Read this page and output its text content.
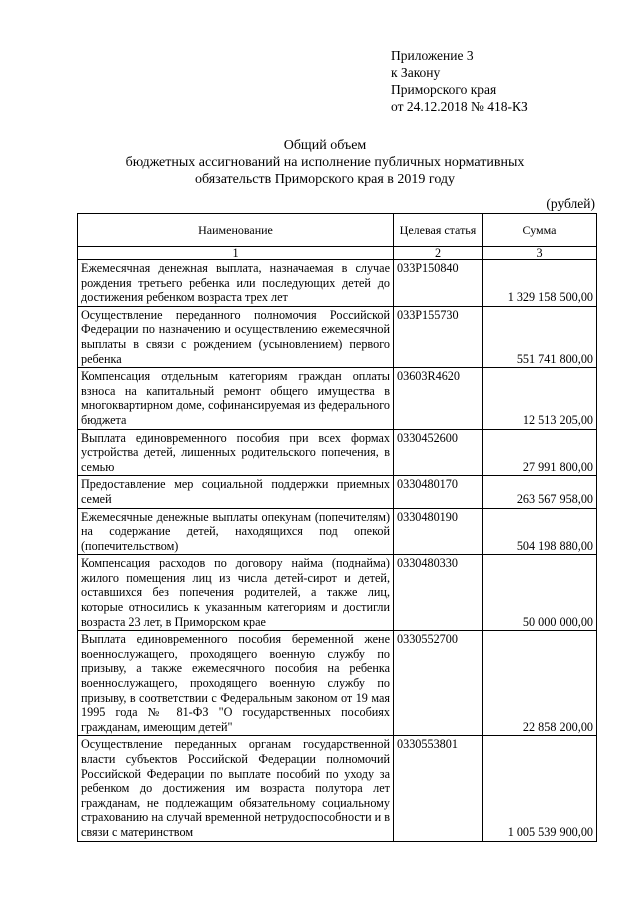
Приложение 3
к Закону
Приморского края
от 24.12.2018 № 418-КЗ
Общий объем
бюджетных ассигнований на исполнение публичных нормативных
обязательств Приморского края в 2019 году
(рублей)
Наименование	Целевая статья	Сумма
1	2	3
Ежемесячная денежная выплата, назначаемая в случае рождения третьего ребенка или последующих детей до достижения ребенком возраста трех лет	033P150840	1 329 158 500,00
Осуществление переданного полномочия Российской Федерации по назначению и осуществлению ежемесячной выплаты в связи с рождением (усыновлением) первого ребенка	033P155730	551 741 800,00
Компенсация отдельным категориям граждан оплаты взноса на капитальный ремонт общего имущества в многоквартирном доме, софинансируемая из федерального бюджета	03603R4620	12 513 205,00
Выплата единовременного пособия при всех формах устройства детей, лишенных родительского попечения, в семью	0330452600	27 991 800,00
Предоставление мер социальной поддержки приемных семей	0330480170	263 567 958,00
Ежемесячные денежные выплаты опекунам (попечителям) на содержание детей, находящихся под опекой (попечительством)	0330480190	504 198 880,00
Компенсация расходов по договору найма (поднайма) жилого помещения лиц из числа детей-сирот и детей, оставшихся без попечения родителей, а также лиц, которые относились к указанным категориям и достигли возраста 23 лет, в Приморском крае	0330480330	50 000 000,00
Выплата единовременного пособия беременной жене военнослужащего, проходящего военную службу по призыву, а также ежемесячного пособия на ребенка военнослужащего, проходящего военную службу по призыву, в соответствии с Федеральным законом от 19 мая 1995 года № 81-ФЗ "О государственных пособиях гражданам, имеющим детей"	0330552700	22 858 200,00
Осуществление переданных органам государственной власти субъектов Российской Федерации полномочий Российской Федерации по выплате пособий по уходу за ребенком до достижения им возраста полутора лет гражданам, не подлежащим обязательному социальному страхованию на случай временной нетрудоспособности и в связи с материнством	0330553801	1 005 539 900,00
